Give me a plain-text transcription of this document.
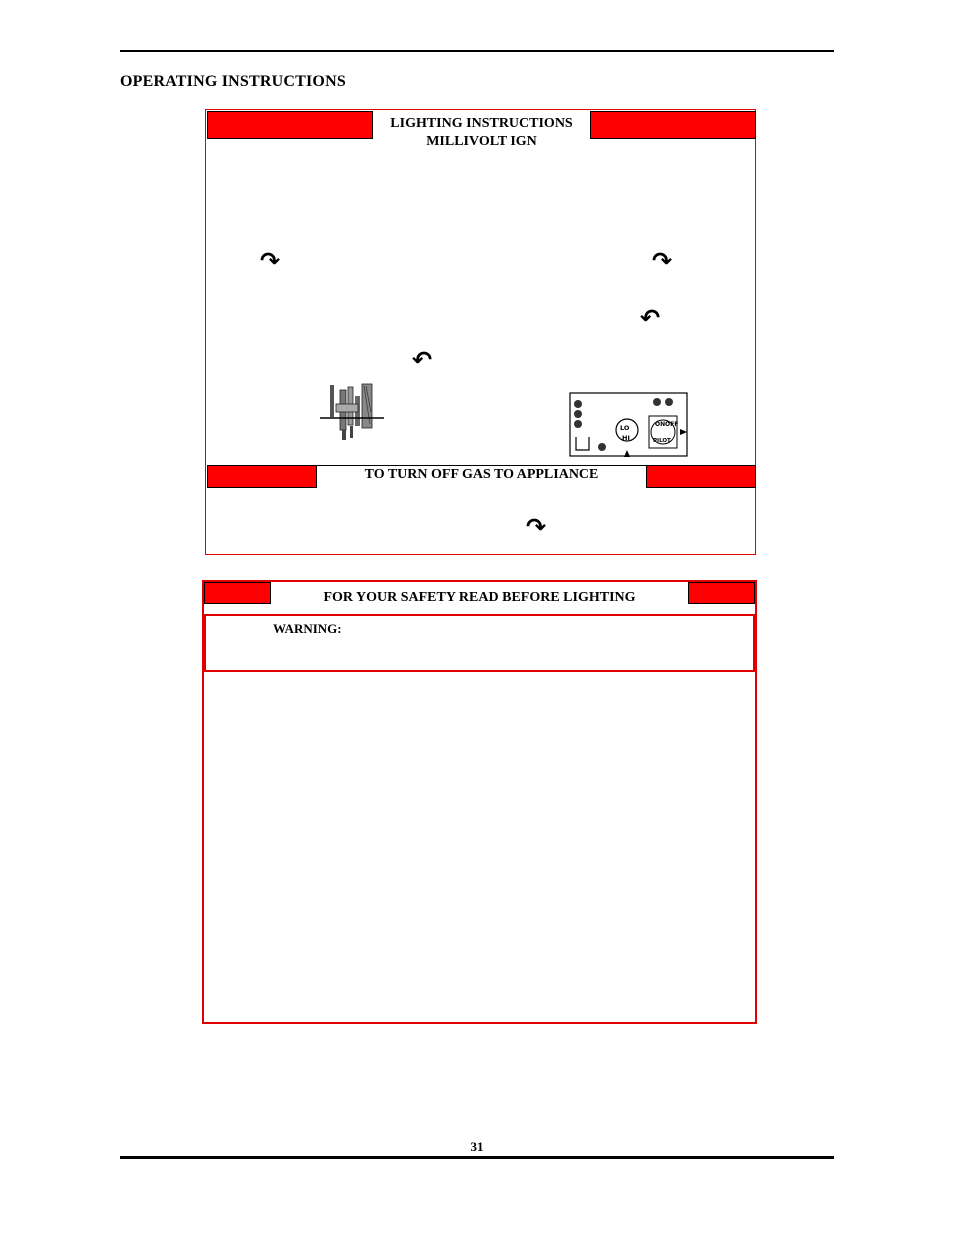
OPERATING INSTRUCTIONS
LIGHTING INSTRUCTIONS
MILLIVOLT IGN
↷	↷
↶
↶
LO
HI
ON OFF
PILOT
TO TURN OFF GAS TO APPLIANCE
↷
FOR YOUR SAFETY READ BEFORE LIGHTING
WARNING:
31
